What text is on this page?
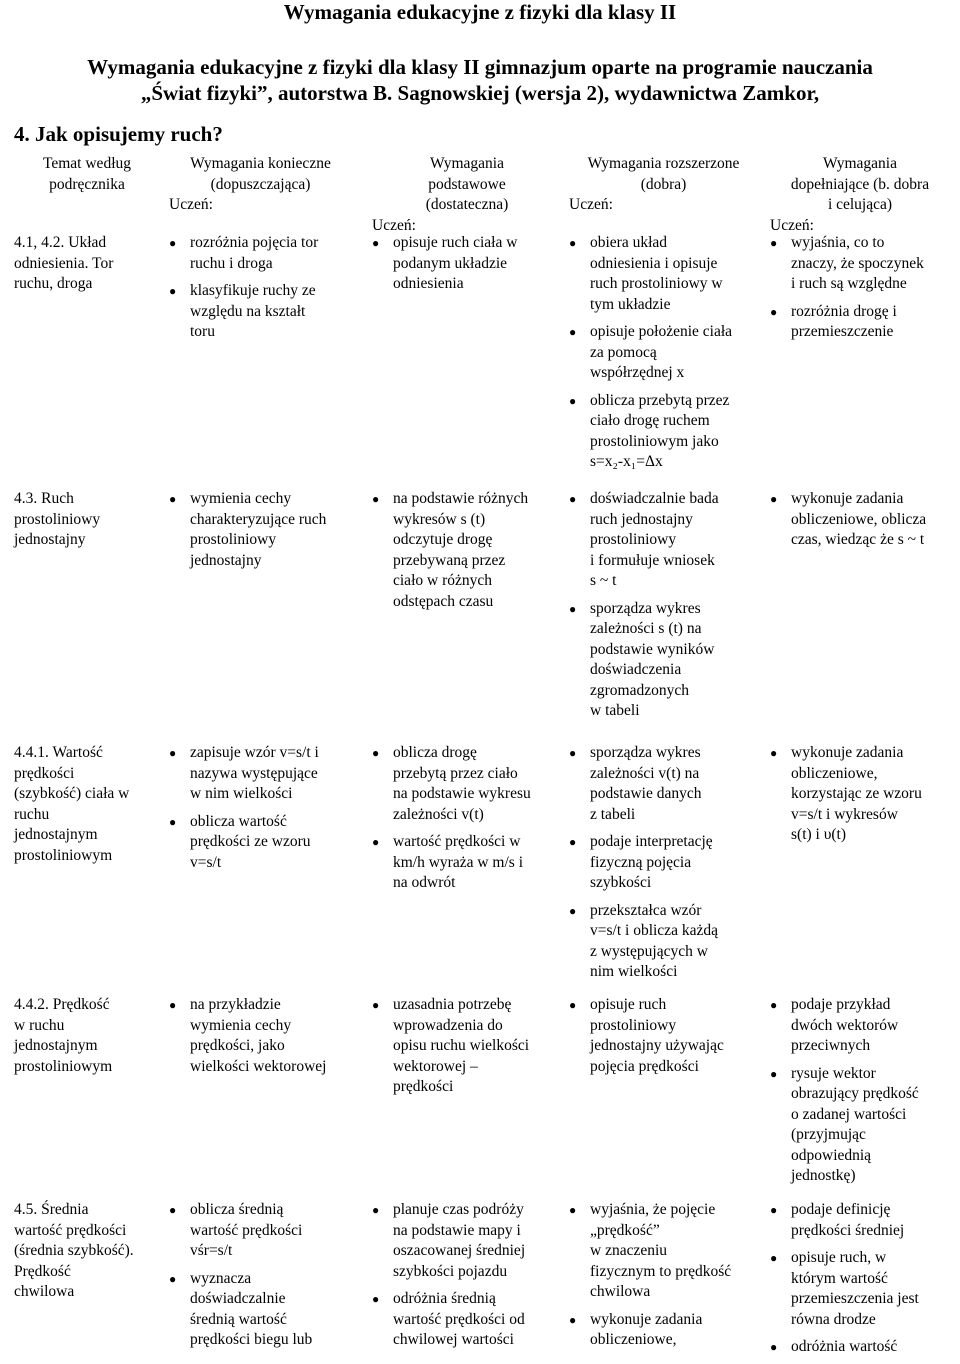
Wymagania edukacyjne z fizyki dla klasy II
Wymagania edukacyjne z fizyki dla klasy II gimnazjum oparte na programie nauczania
„Świat fizyki”, autorstwa B. Sagnowskiej (wersja 2), wydawnictwa Zamkor,
4. Jak opisujemy ruch?
Temat według
podręcznika
Wymagania konieczne
(dopuszczająca)
Uczeń:
Wymagania
podstawowe
(dostateczna)
Uczeń:
Wymagania rozszerzone
(dobra)
Uczeń:
Wymagania
dopełniające (b. dobra
i celująca)
Uczeń:
4.1, 4.2. Układ
odniesienia. Tor
ruchu, droga
● rozróżnia pojęcia tor
ruchu i droga
● klasyfikuje ruchy ze
względu na kształt
toru
● opisuje ruch ciała w
podanym układzie
odniesienia
● obiera układ
odniesienia i opisuje
ruch prostoliniowy w
tym układzie
● opisuje położenie ciała
za pomocą
współrzędnej x
● oblicza przebytą przez
ciało drogę ruchem
prostoliniowym jako
s=x₂-x₁=Δx
● wyjaśnia, co to
znaczy, że spoczynek
i ruch są względne
● rozróżnia drogę i
przemieszczenie
4.3. Ruch
prostoliniowy
jednostajny
● wymienia cechy
charakteryzujące ruch
prostoliniowy
jednostajny
● na podstawie różnych
wykresów s (t)
odczytuje drogę
przebywaną przez
ciało w różnych
odstępach czasu
● doświadczalnie bada
ruch jednostajny
prostoliniowy
i formułuje wniosek
s ~ t
● sporządza wykres
zależności s (t) na
podstawie wyników
doświadczenia
zgromadzonych
w tabeli
● wykonuje zadania
obliczeniowe, oblicza
czas, wiedząc że s ~ t
4.4.1. Wartość
prędkości
(szybkość) ciała w
ruchu
jednostajnym
prostoliniowym
● zapisuje wzór v=s/t i
nazywa występujące
w nim wielkości
● oblicza wartość
prędkości ze wzoru
v=s/t
● oblicza drogę
przebytą przez ciało
na podstawie wykresu
zależności v(t)
● wartość prędkości w
km/h wyraża w m/s i
na odwrót
● sporządza wykres
zależności v(t) na
podstawie danych
z tabeli
● podaje interpretację
fizyczną pojęcia
szybkości
● przekształca wzór
v=s/t i oblicza każdą
z występujących w
nim wielkości
● wykonuje zadania
obliczeniowe,
korzystając ze wzoru
v=s/t i wykresów
s(t) i υ(t)
4.4.2. Prędkość
w ruchu
jednostajnym
prostoliniowym
● na przykładzie
wymienia cechy
prędkości, jako
wielkości wektorowej
● uzasadnia potrzebę
wprowadzenia do
opisu ruchu wielkości
wektorowej –
prędkości
● opisuje ruch
prostoliniowy
jednostajny używając
pojęcia prędkości
● podaje przykład
dwóch wektorów
przeciwnych
● rysuje wektor
obrazujący prędkość
o zadanej wartości
(przyjmując
odpowiednią
jednostkę)
4.5. Średnia
wartość prędkości
(średnia szybkość).
Prędkość
chwilowa
● oblicza średnią
wartość prędkości
vśr=s/t
● wyznacza
doświadczalnie
średnią wartość
prędkości biegu lub
● planuje czas podróży
na podstawie mapy i
oszacowanej średniej
szybkości pojazdu
● odróżnia średnią
wartość prędkości od
chwilowej wartości
● wyjaśnia, że pojęcie
„prędkość”
w znaczeniu
fizycznym to prędkość
chwilowa
● wykonuje zadania
obliczeniowe,
● podaje definicję
prędkości średniej
● opisuje ruch, w
którym wartość
przemieszczenia jest
równa drodze
● odróżnia wartość
